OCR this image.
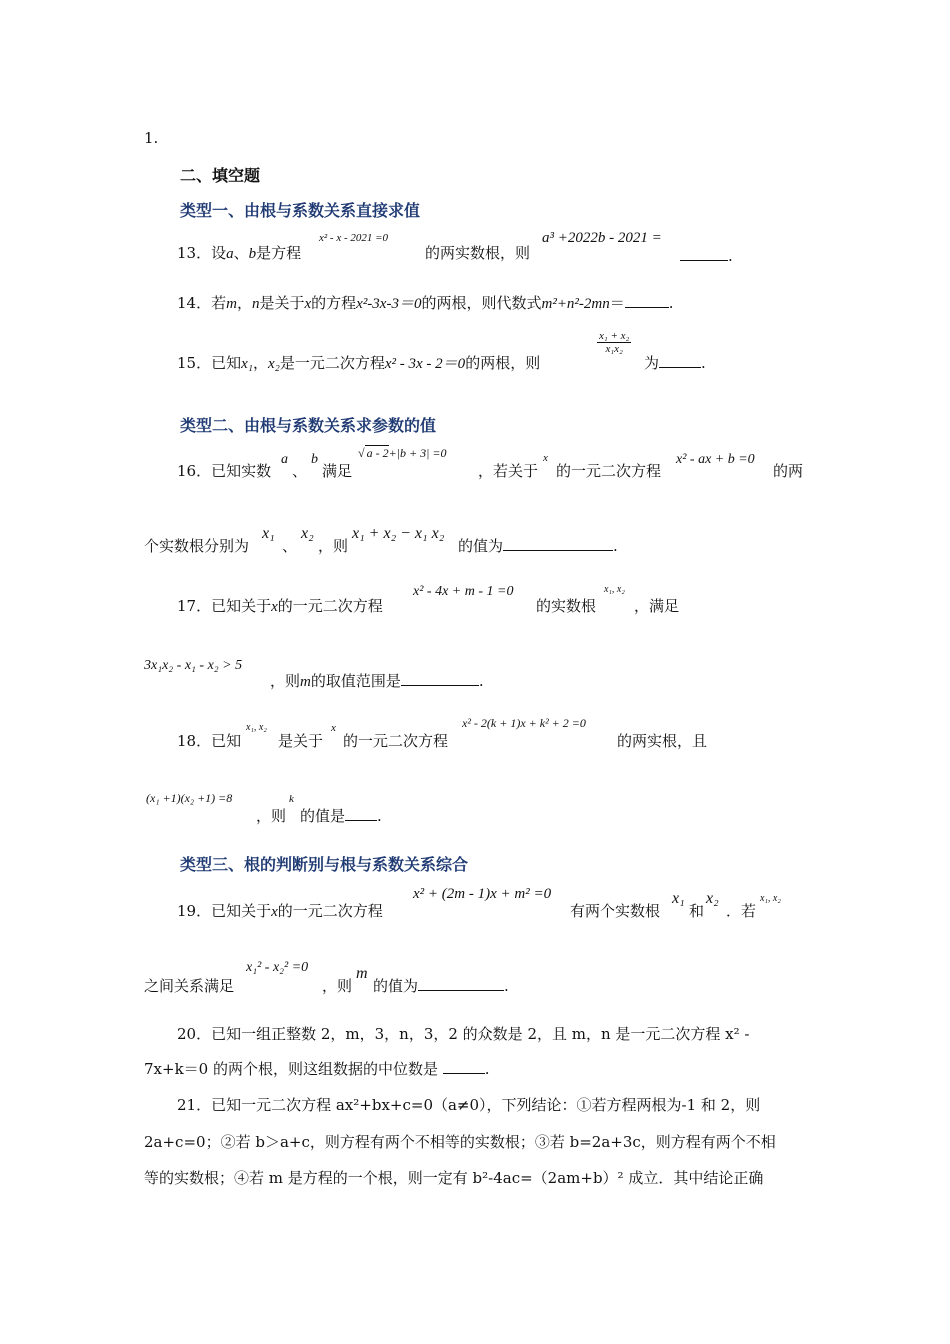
1.
二、填空题
类型一、由根与系数关系直接求值
13．设a、b是方程
x² - x - 2021 =0
的两实数根，则
a³ +2022b - 2021 =
.
14．若m，n是关于x的方程x²-3x-3＝0的两根，则代数式m²+n²-2mn＝	.
15．已知x₁，x₂是一元二次方程x² - 3x - 2＝0的两根，则
$\frac{\text{x₁ + x₂}}{\text{x₁x₂}}$
为	.
类型二、由根与系数关系求参数的值
16．已知实数
a
、
b
满足
√ a - 2+|b + 3| =0
，若关于
x
的一元二次方程
x² - ax + b =0
的两
个实数根分别为
x₁
、
x₂
，则
x₁ + x₂ − x₁ x₂
的值为	.
17．已知关于x的一元二次方程
x² - 4x + m - 1 =0
的实数根
x₁, x₂
，满足
3x₁x₂ - x₁ - x₂ > 5
，则m的取值范围是	.
18．已知
x₁, x₂
是关于
x
的一元二次方程
x² - 2(k + 1)x + k² + 2 =0
的两实根，且
(x₁ +1)(x₂ +1) =8
，则
k
的值是 .
类型三、根的判断别与根与系数关系综合
19．已知关于x的一元二次方程
x² + (2m - 1)x + m² =0
有两个实数根
x₁
和
x₂
．若
x₁, x₂
之间关系满足
x₁² - x₂² =0
，则
m
的值为	.
20．已知一组正整数 2，m，3，n，3，2 的众数是 2，且 m，n 是一元二次方程 x² -
7x+k＝0 的两个根，则这组数据的中位数是	.
21．已知一元二次方程 ax²+bx+c=0（a≠0），下列结论：①若方程两根为-1 和 2，则
2a+c=0；②若 b＞a+c，则方程有两个不相等的实数根；③若 b=2a+3c，则方程有两个不相
等的实数根；④若 m 是方程的一个根，则一定有 b²-4ac=（2am+b）² 成立．其中结论正确
